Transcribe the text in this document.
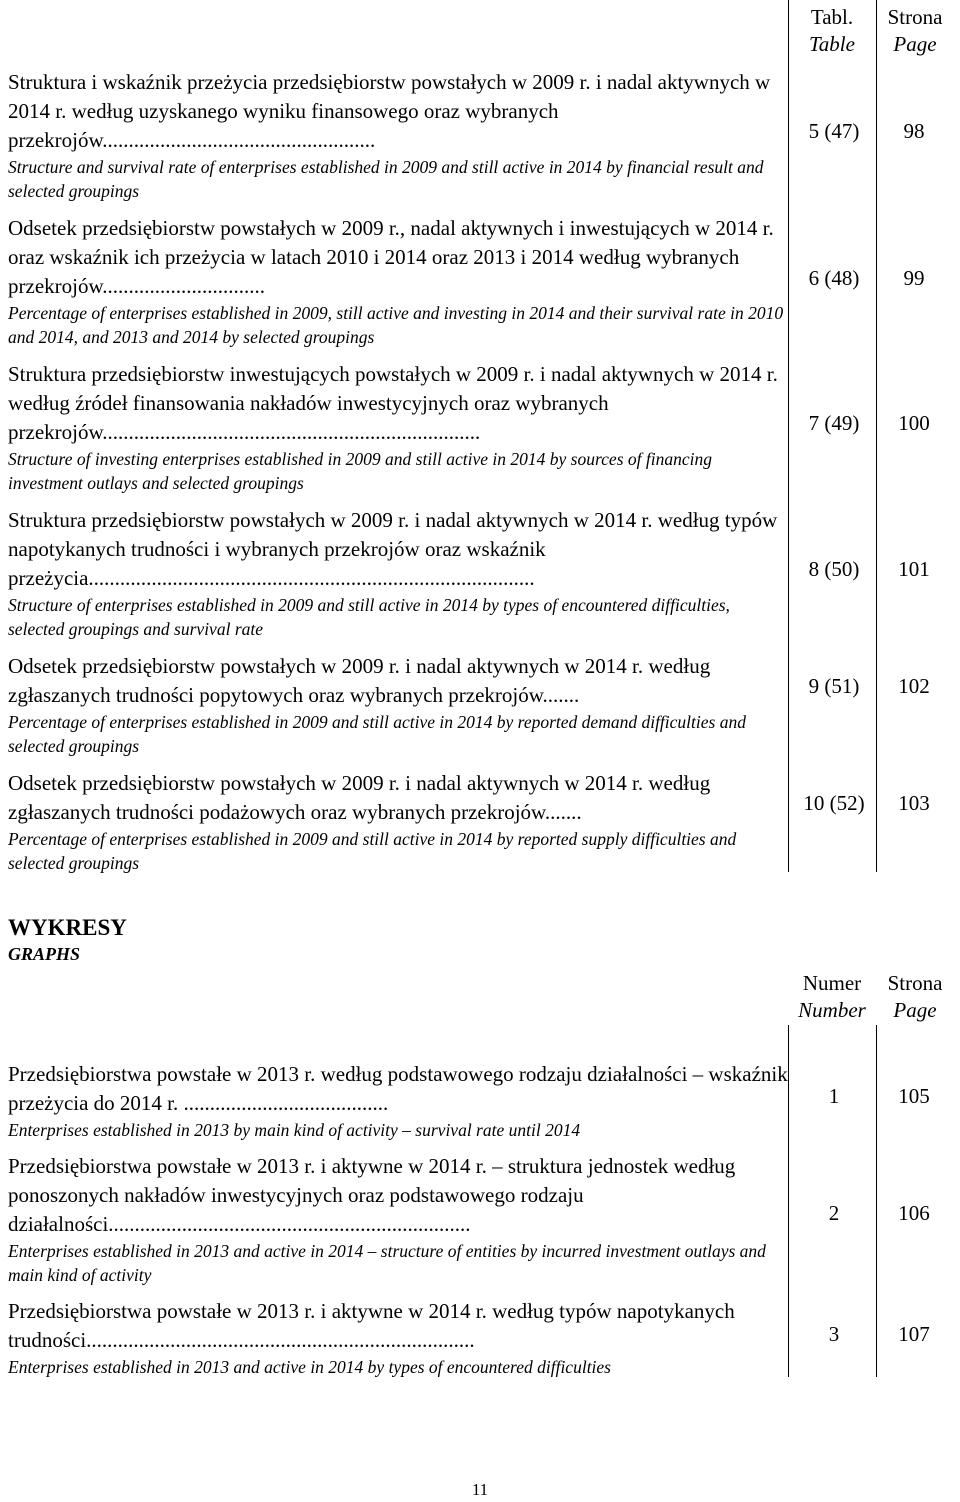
Tabl.
Table
Strona
Page

Struktura i wskaźnik przeżycia przedsiębiorstw powstałych w 2009 r. i nadal aktywnych w 2014 r. według uzyskanego wyniku finansowego oraz wybranych przekrojów....................................................

Structure and survival rate of enterprises established in 2009 and still active in 2014 by financial result and selected groupings

5 (47)	98

Odsetek przedsiębiorstw powstałych w 2009 r., nadal aktywnych i inwestujących w 2014 r. oraz wskaźnik ich przeżycia w latach 2010 i 2014 oraz 2013 i 2014 według wybranych przekrojów...............................

Percentage of enterprises established in 2009, still active and investing in 2014 and their survival rate in 2010 and 2014, and 2013 and 2014 by selected groupings

6 (48)	99

Struktura przedsiębiorstw inwestujących powstałych w 2009 r. i nadal aktywnych w 2014 r. według źródeł finansowania nakładów inwestycyjnych oraz wybranych przekrojów........................................................................

Structure of investing enterprises established in 2009 and still active in 2014 by sources of financing investment outlays and selected groupings

7 (49)	100

Struktura przedsiębiorstw powstałych w 2009 r. i nadal aktywnych w 2014 r. według typów napotykanych trudności i wybranych przekrojów oraz wskaźnik przeżycia.....................................................................................

Structure of enterprises established in 2009 and still active in 2014 by types of encountered difficulties, selected groupings and survival rate

8 (50)	101

Odsetek przedsiębiorstw powstałych w 2009 r. i nadal aktywnych w 2014 r. według zgłaszanych trudności popytowych oraz wybranych przekrojów.......

Percentage of enterprises established in 2009 and still active in 2014 by reported demand difficulties and selected groupings

9 (51)	102

Odsetek przedsiębiorstw powstałych w 2009 r. i nadal aktywnych w 2014 r. według zgłaszanych trudności podażowych oraz wybranych przekrojów.......

Percentage of enterprises established in 2009 and still active in 2014 by reported supply difficulties and selected groupings

10 (52)	103
WYKRESY
GRAPHS
Numer
Number
Strona
Page

Przedsiębiorstwa powstałe w 2013 r. według podstawowego rodzaju działalności – wskaźnik przeżycia do 2014 r. .......................................

Enterprises established in 2013 by main kind of activity – survival rate until 2014

1	105

Przedsiębiorstwa powstałe w 2013 r. i aktywne w 2014 r. – struktura jednostek według ponoszonych nakładów inwestycyjnych oraz podstawowego rodzaju działalności.....................................................................

Enterprises established in 2013 and active in 2014 – structure of entities by incurred investment outlays and main kind of activity

2	106

Przedsiębiorstwa powstałe w 2013 r. i aktywne w 2014 r. według typów napotykanych trudności..........................................................................

Enterprises established in 2013 and active in 2014 by types of encountered difficulties

3	107
11
